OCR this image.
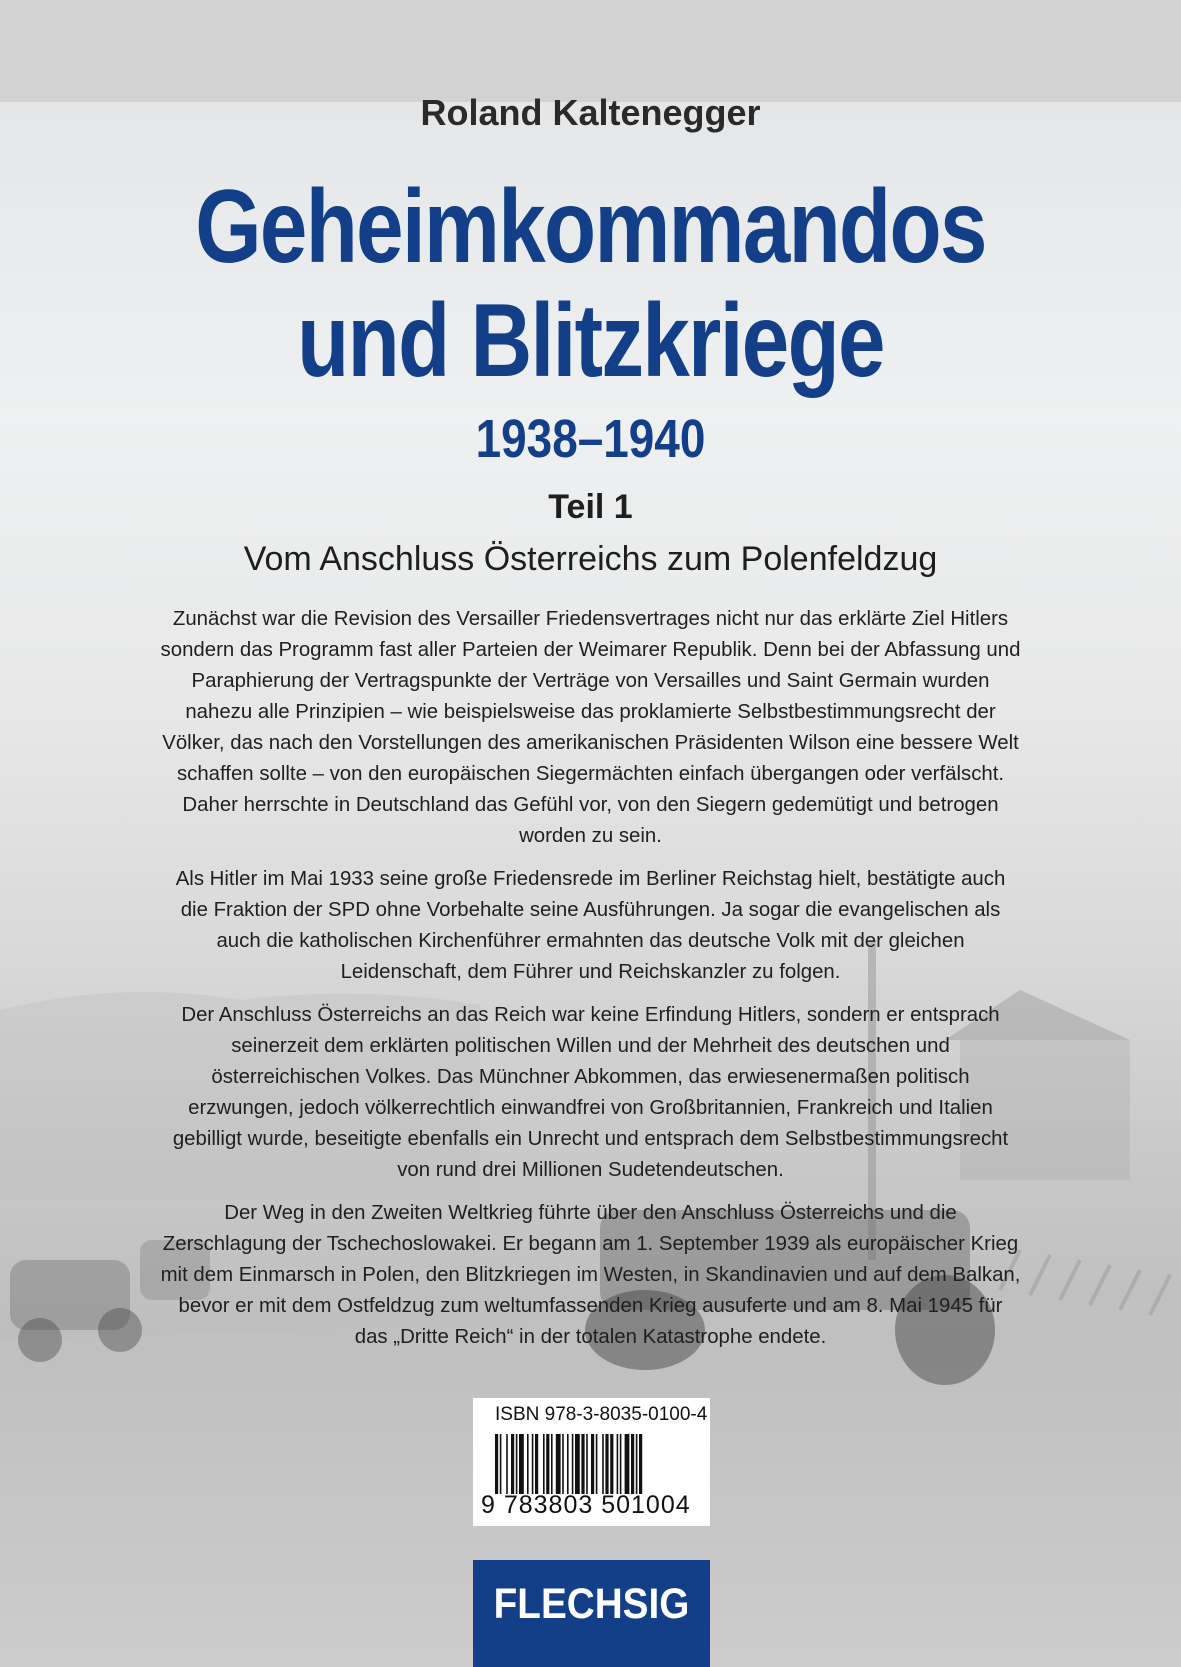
Roland Kaltenegger
Geheimkommandos
und Blitzkriege
1938–1940
Teil 1
Vom Anschluss Österreichs zum Polenfeldzug

Zunächst war die Revision des Versailler Friedensvertrages nicht nur das erklärte Ziel Hitlers sondern das Programm fast aller Parteien der Weimarer Republik. Denn bei der Abfassung und Paraphierung der Vertragspunkte der Verträge von Versailles und Saint Germain wurden nahezu alle Prinzipien – wie beispielsweise das proklamierte Selbstbestimmungsrecht der Völker, das nach den Vorstellungen des amerikanischen Präsidenten Wilson eine bessere Welt schaffen sollte – von den europäischen Siegermächten einfach übergangen oder verfälscht. Daher herrschte in Deutschland das Gefühl vor, von den Siegern gedemütigt und betrogen worden zu sein.

Als Hitler im Mai 1933 seine große Friedensrede im Berliner Reichstag hielt, bestätigte auch die Fraktion der SPD ohne Vorbehalte seine Ausführungen. Ja sogar die evangelischen als auch die katholischen Kirchenführer ermahnten das deutsche Volk mit der gleichen Leidenschaft, dem Führer und Reichskanzler zu folgen.

Der Anschluss Österreichs an das Reich war keine Erfindung Hitlers, sondern er entsprach seinerzeit dem erklärten politischen Willen und der Mehrheit des deutschen und österreichischen Volkes. Das Münchner Abkommen, das erwiesenermaßen politisch erzwungen, jedoch völkerrechtlich einwandfrei von Großbritannien, Frankreich und Italien gebilligt wurde, beseitigte ebenfalls ein Unrecht und entsprach dem Selbstbestimmungsrecht von rund drei Millionen Sudetendeutschen.

Der Weg in den Zweiten Weltkrieg führte über den Anschluss Österreichs und die Zerschlagung der Tschechoslowakei. Er begann am 1. September 1939 als europäischer Krieg mit dem Einmarsch in Polen, den Blitzkriegen im Westen, in Skandinavien und auf dem Balkan, bevor er mit dem Ostfeldzug zum weltumfassenden Krieg ausuferte und am 8. Mai 1945 für das „Dritte Reich“ in der totalen Katastrophe endete.

ISBN 978-3-8035-0100-4
9 783803 501004
FLECHSIG
